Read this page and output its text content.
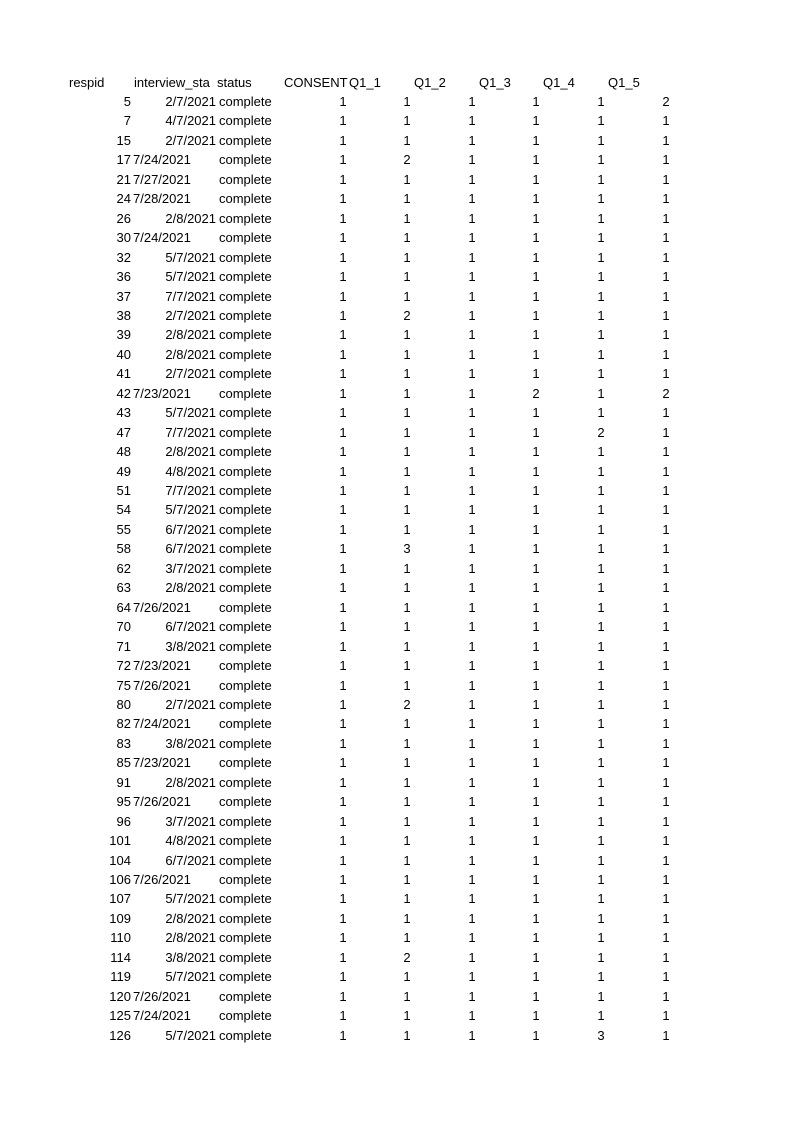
respid interview_sta status CONSENT Q1_1	Q1_2	Q1_3 Q1_4	Q1_5
5	2/7/2021 complete	1	1	1	1	1	2
7	4/7/2021 complete	1	1	1	1	1	1
15	2/7/2021 complete	1	1	1	1	1	1
17 7/24/2021 complete	1	2	1	1	1	1
21 7/27/2021 complete	1	1	1	1	1	1
24 7/28/2021 complete	1	1	1	1	1	1
26	2/8/2021 complete	1	1	1	1	1	1
30 7/24/2021 complete	1	1	1	1	1	1
32	5/7/2021 complete	1	1	1	1	1	1
36	5/7/2021 complete	1	1	1	1	1	1
37	7/7/2021 complete	1	1	1	1	1	1
38	2/7/2021 complete	1	2	1	1	1	1
39	2/8/2021 complete	1	1	1	1	1	1
40	2/8/2021 complete	1	1	1	1	1	1
41	2/7/2021 complete	1	1	1	1	1	1
42 7/23/2021 complete	1	1	1	2	1	2
43	5/7/2021 complete	1	1	1	1	1	1
47	7/7/2021 complete	1	1	1	1	2	1
48	2/8/2021 complete	1	1	1	1	1	1
49	4/8/2021 complete	1	1	1	1	1	1
51	7/7/2021 complete	1	1	1	1	1	1
54	5/7/2021 complete	1	1	1	1	1	1
55	6/7/2021 complete	1	1	1	1	1	1
58	6/7/2021 complete	1	3	1	1	1	1
62	3/7/2021 complete	1	1	1	1	1	1
63	2/8/2021 complete	1	1	1	1	1	1
64 7/26/2021 complete	1	1	1	1	1	1
70	6/7/2021 complete	1	1	1	1	1	1
71	3/8/2021 complete	1	1	1	1	1	1
72 7/23/2021 complete	1	1	1	1	1	1
75 7/26/2021 complete	1	1	1	1	1	1
80	2/7/2021 complete	1	2	1	1	1	1
82 7/24/2021 complete	1	1	1	1	1	1
83	3/8/2021 complete	1	1	1	1	1	1
85 7/23/2021 complete	1	1	1	1	1	1
91	2/8/2021 complete	1	1	1	1	1	1
95 7/26/2021 complete	1	1	1	1	1	1
96	3/7/2021 complete	1	1	1	1	1	1
101	4/8/2021 complete	1	1	1	1	1	1
104	6/7/2021 complete	1	1	1	1	1	1
106 7/26/2021 complete	1	1	1	1	1	1
107	5/7/2021 complete	1	1	1	1	1	1
109	2/8/2021 complete	1	1	1	1	1	1
110	2/8/2021 complete	1	1	1	1	1	1
114	3/8/2021 complete	1	2	1	1	1	1
119	5/7/2021 complete	1	1	1	1	1	1
120 7/26/2021 complete	1	1	1	1	1	1
125 7/24/2021 complete	1	1	1	1	1	1
126	5/7/2021 complete	1	1	1	1	3	1
